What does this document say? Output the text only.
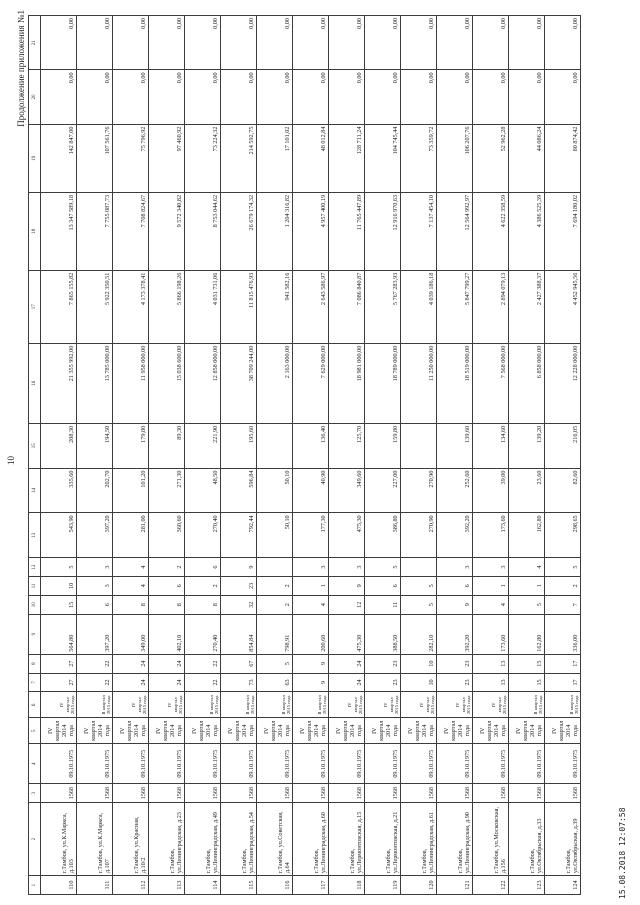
10
Продолжение приложения №1
1	2	3	4	5	6	7	8	9	10	11	12	13	14	15	16	17	18	19	20	21
110	г.Тамбов, ул.К.Маркса, д.103	1568	09.10.1975	IV квартал 2014 года	IV квартал 2015 года	27	27	564,80	15	10	5	543,90	335,60	208,30	21 355 992,00	7 865 155,82	13 347 589,18	142 847,00	0,00	0,00
111	г.Тамбов, ул.К.Маркса, д.107	1568	09.10.1975	IV квартал 2014 года	II квартал 2015 года	22	22	397,20	6	3	3	397,20	202,70	194,50	13 785 000,00	5 922 350,51	7 755 087,73	107 561,76	0,00	0,00
112	г.Тамбов, ул.Красная, д.10/2	1568	09.10.1975	IV квартал 2014 года	IV квартал 2015 года	24	24	349,00	8	4	4	281,00	101,20	179,80	11 958 000,00	4 173 378,41	7 708 824,67	75 796,92	0,00	0,00
113	г.Тамбов, ул.Ленинградская, д.23	1568	09.10.1975	IV квартал 2014 года	IV квартал 2015 года	24	24	402,10	8	6	2	360,60	271,30	89,30	15 038 600,00	5 866 198,26	9 572 340,82	97 460,92	0,00	0,00
114	г.Тамбов, ул.Ленинградская, д.49	1568	09.10.1975	IV квартал 2014 года	II квартал 2015 года	22	22	270,40	8	2	6	270,40	48,50	221,90	12 858 000,00	4 031 731,06	8 753 044,62	73 224,32	0,00	0,00
115	г.Тамбов, ул.Ленинградская, д.54	1568	09.10.1975	IV квартал 2014 года	II квартал 2015 года	73	67	854,84	32	23	9	792,44	596,84	195,60	38 709 244,00	11 815 476,93	26 679 174,32	214 592,75	0,00	0,00
116	г.Тамбов, ул.Советская, д.64	1568	09.10.1975	IV квартал 2014 года	II квартал 2015 года	63	5	798,91	2	2		50,10	50,10		2 163 000,00	941 582,16	1 204 316,82	17 101,02	0,00	0,00
117	г.Тамбов, ул.Ленинградская, д.60	1568	09.10.1975	IV квартал 2014 года	II квартал 2015 года	9	9	200,60	4	1	3	177,30	40,90	136,40	7 629 000,00	2 643 586,97	4 957 400,19	48 012,84	0,00	0,00
118	г.Тамбов, ул.Лермонтовская, д.15	1568	09.10.1975	IV квартал 2014 года	IV квартал 2015 года	24	24	475,30	12	9	3	475,30	349,60	125,70	18 981 000,00	7 086 840,87	11 765 447,89	128 711,24	0,00	0,00
119	г.Тамбов, ул.Лермонтовская, д.21	1568	09.10.1975	IV квартал 2014 года	IV квартал 2015 года	23	23	388,50	11	6	5	386,80	227,00	159,80	18 789 000,00	5 767 283,93	12 916 970,63	104 745,44	0,00	0,00
120	г.Тамбов, ул.Ленинградская, д.61	1568	09.10.1975	IV квартал 2014 года	IV квартал 2015 года	10	10	282,10	5	5		270,90	270,90		11 250 000,00	4 039 186,18	7 137 454,10	73 359,72	0,00	0,00
121	г.Тамбов, ул.Ленинградская, д.90	1568	09.10.1975	IV квартал 2014 года	IV квартал 2015 года	23	23	392,20	9	6	3	392,20	252,60	139,60	18 519 000,00	5 847 799,27	12 564 992,97	106 207,76	0,00	0,00
122	г.Тамбов, ул.Московская, д.156	1568	09.10.1975	IV квартал 2014 года	IV квартал 2015 года	13	13	173,60	4	1	3	173,60	39,00	134,60	7 568 000,00	2 894 079,13	4 622 358,59	52 962,28	0,00	0,00
123	г.Тамбов, ул.Октябрьская, д.33	1568	09.10.1975	IV квартал 2014 года	II квартал 2015 года	15	15	162,80	5	1	4	162,80	23,60	139,20	6 858 000,00	2 427 388,37	4 386 525,39	44 086,24	0,00	0,00
124	г.Тамбов, ул.Октябрьская, д.39	1568	09.10.1975	IV квартал 2014 года	II квартал 2015 года	17	17	336,00	7	2	5	298,65	82,60	216,05	12 228 000,00	4 452 945,56	7 694 180,02	80 874,42	0,00	0,00
15.08.2018 12:07:58
